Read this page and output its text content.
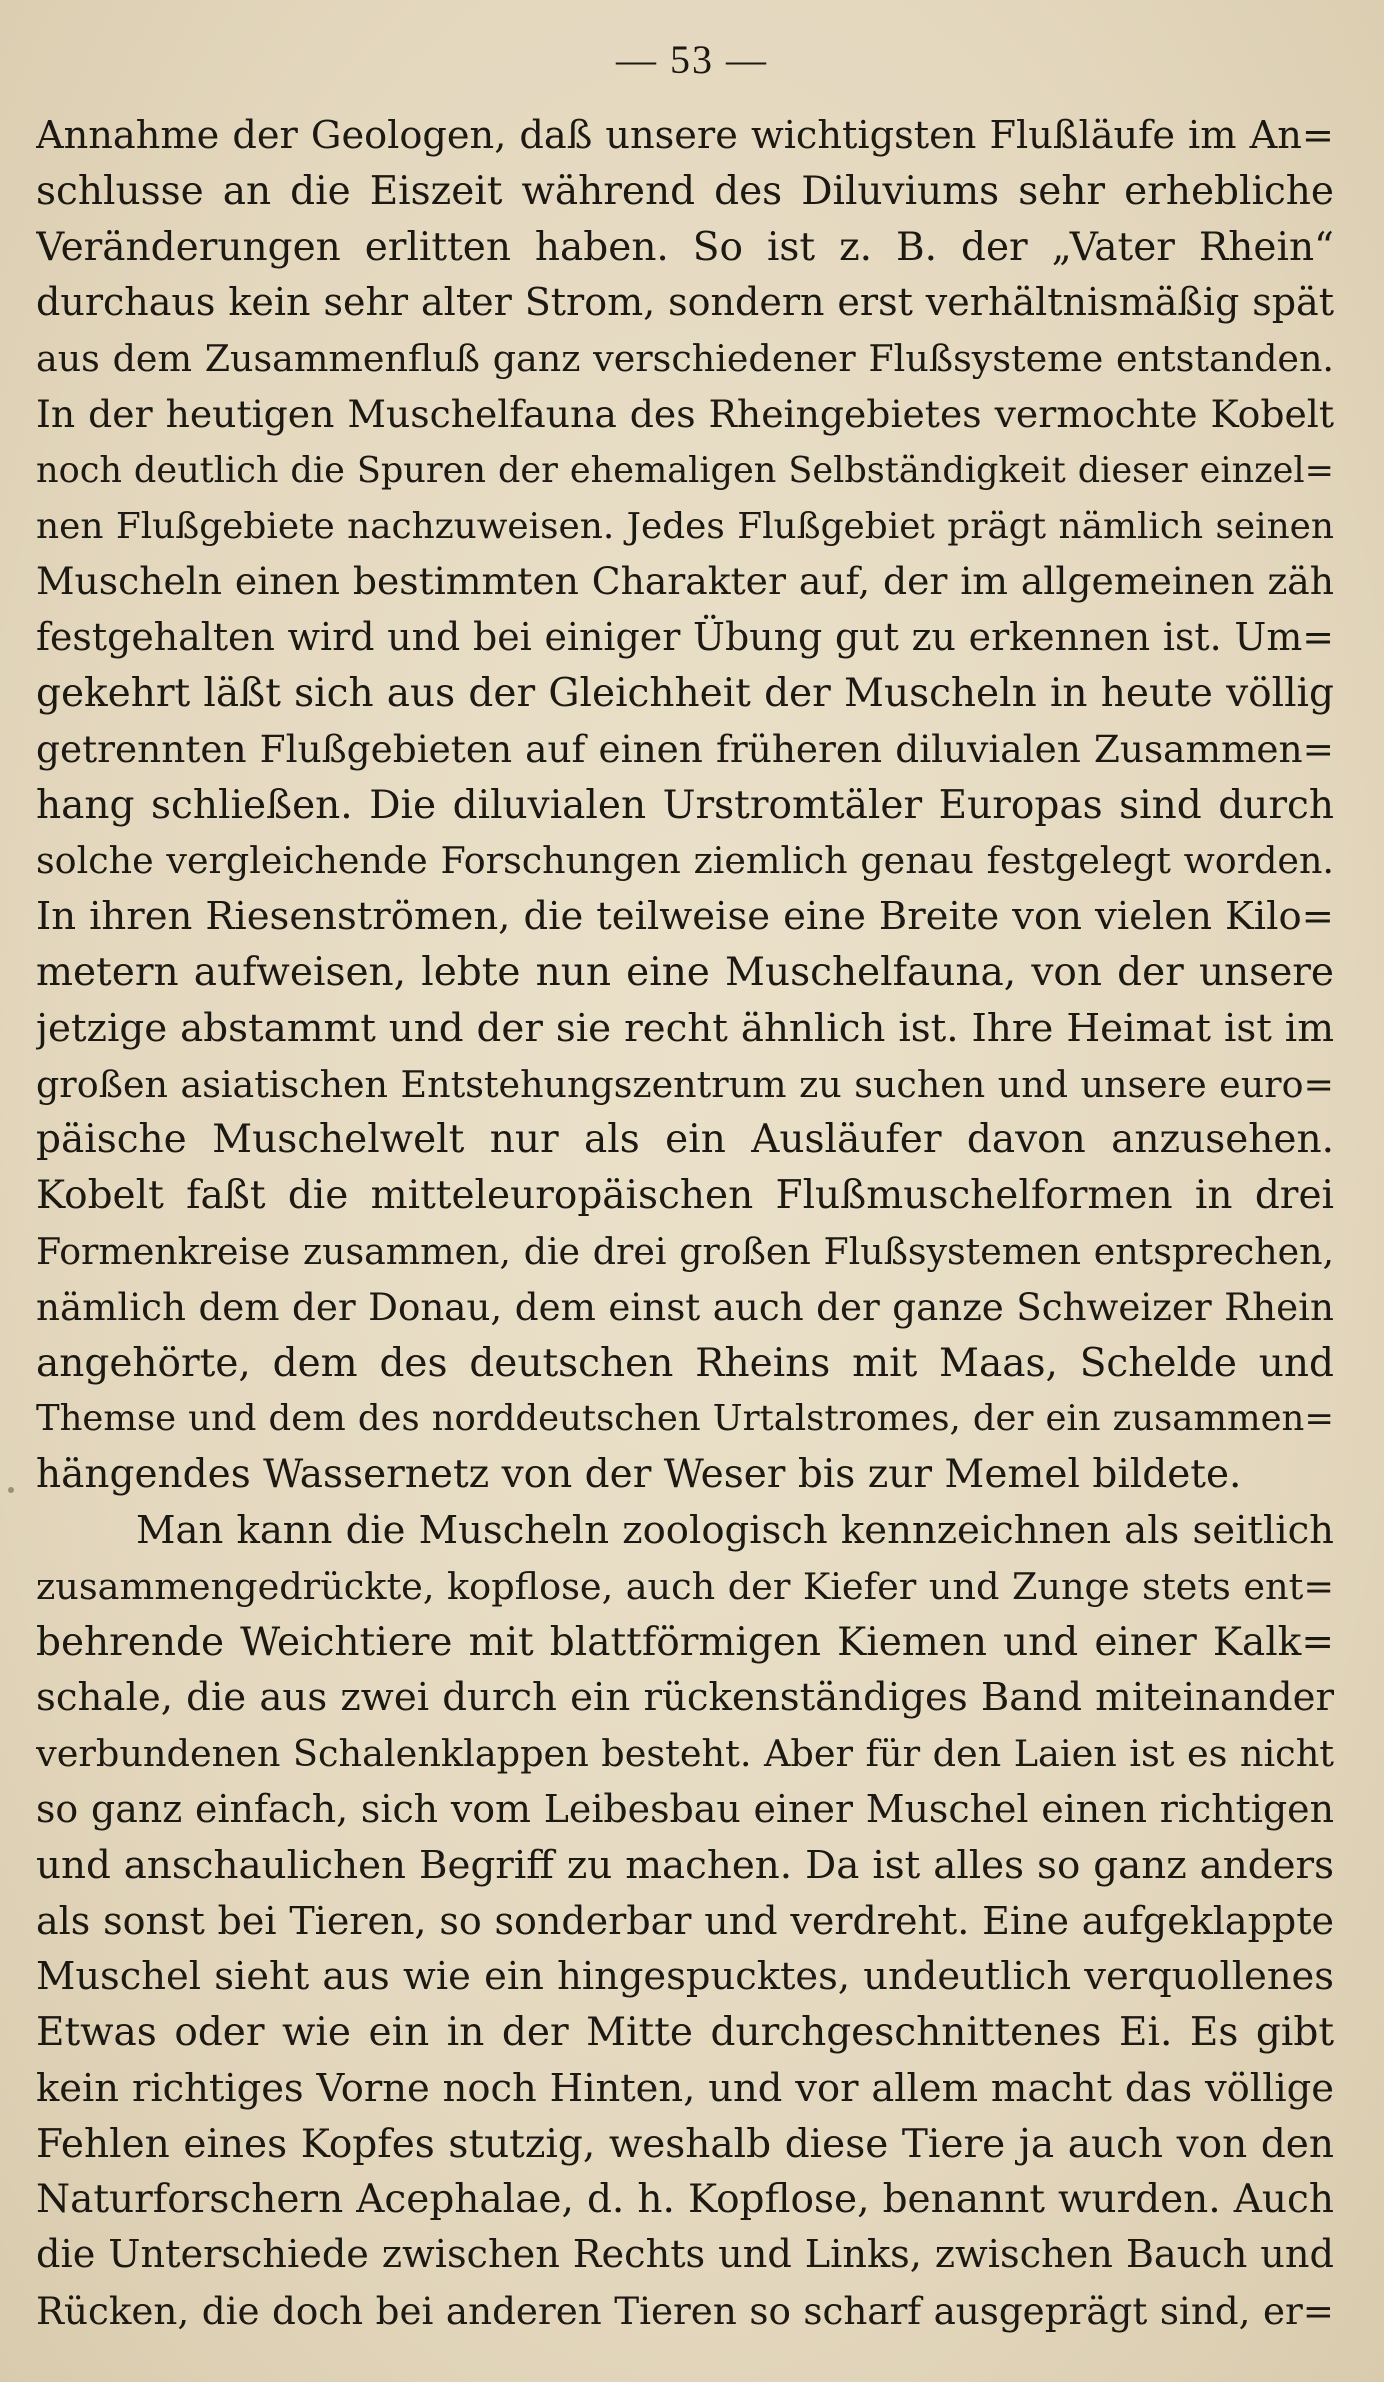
— 53 —
Annahme der Geologen, daß unsere wichtigsten Flußläufe im An=
schlusse an die Eiszeit während des Diluviums sehr erhebliche
Veränderungen erlitten haben. So ist z. B. der „Vater Rhein“
durchaus kein sehr alter Strom, sondern erst verhältnismäßig spät
aus dem Zusammenfluß ganz verschiedener Flußsysteme entstanden.
In der heutigen Muschelfauna des Rheingebietes vermochte Kobelt
noch deutlich die Spuren der ehemaligen Selbständigkeit dieser einzel=
nen Flußgebiete nachzuweisen. Jedes Flußgebiet prägt nämlich seinen
Muscheln einen bestimmten Charakter auf, der im allgemeinen zäh
festgehalten wird und bei einiger Übung gut zu erkennen ist. Um=
gekehrt läßt sich aus der Gleichheit der Muscheln in heute völlig
getrennten Flußgebieten auf einen früheren diluvialen Zusammen=
hang schließen. Die diluvialen Urstromtäler Europas sind durch
solche vergleichende Forschungen ziemlich genau festgelegt worden.
In ihren Riesenströmen, die teilweise eine Breite von vielen Kilo=
metern aufweisen, lebte nun eine Muschelfauna, von der unsere
jetzige abstammt und der sie recht ähnlich ist. Ihre Heimat ist im
großen asiatischen Entstehungszentrum zu suchen und unsere euro=
päische Muschelwelt nur als ein Ausläufer davon anzusehen.
Kobelt faßt die mitteleuropäischen Flußmuschelformen in drei
Formenkreise zusammen, die drei großen Flußsystemen entsprechen,
nämlich dem der Donau, dem einst auch der ganze Schweizer Rhein
angehörte, dem des deutschen Rheins mit Maas, Schelde und
Themse und dem des norddeutschen Urtalstromes, der ein zusammen=
hängendes Wassernetz von der Weser bis zur Memel bildete.
Man kann die Muscheln zoologisch kennzeichnen als seitlich
zusammengedrückte, kopflose, auch der Kiefer und Zunge stets ent=
behrende Weichtiere mit blattförmigen Kiemen und einer Kalk=
schale, die aus zwei durch ein rückenständiges Band miteinander
verbundenen Schalenklappen besteht. Aber für den Laien ist es nicht
so ganz einfach, sich vom Leibesbau einer Muschel einen richtigen
und anschaulichen Begriff zu machen. Da ist alles so ganz anders
als sonst bei Tieren, so sonderbar und verdreht. Eine aufgeklappte
Muschel sieht aus wie ein hingespucktes, undeutlich verquollenes
Etwas oder wie ein in der Mitte durchgeschnittenes Ei. Es gibt
kein richtiges Vorne noch Hinten, und vor allem macht das völlige
Fehlen eines Kopfes stutzig, weshalb diese Tiere ja auch von den
Naturforschern Acephalae, d. h. Kopflose, benannt wurden. Auch
die Unterschiede zwischen Rechts und Links, zwischen Bauch und
Rücken, die doch bei anderen Tieren so scharf ausgeprägt sind, er=
